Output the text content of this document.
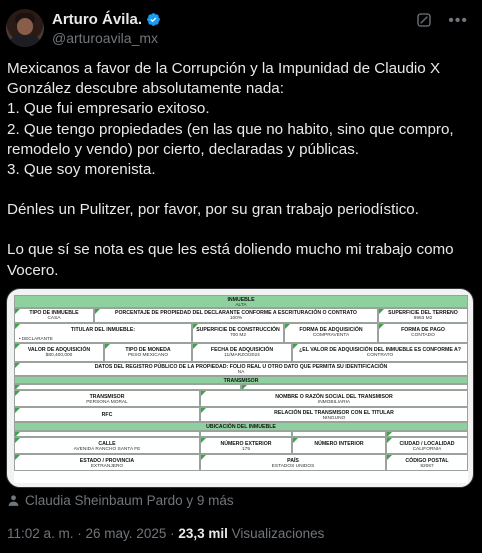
Arturo Ávila.
@arturoavila_mx
•••

Mexicanos a favor de la Corrupción y la Impunidad de Claudio X González descubre absolutamente nada:

1. Que fui empresario exitoso.

2. Que tengo propiedades (en las que no habito, sino que compro, remodelo y vendo) por cierto, declaradas y públicas.

3. Que soy morenista.

Dénles un Pulitzer, por favor, por su gran trabajo periodístico.

Lo que sí se nota es que les está doliendo mucho mi trabajo como Vocero.

INMUEBLE
ALTA
TIPO DE INMUEBLE
CASA
PORCENTAJE DE PROPIEDAD DEL DECLARANTE CONFORME A ESCRITURACIÓN O CONTRATO
100%
SUPERFICIE DEL TERRENO
8963 M2
TITULAR DEL INMUEBLE:
• DECLARANTE
SUPERFICIE DE CONSTRUCCIÓN
700 M2
FORMA DE ADQUISICIÓN
COMPRAVENTA
FORMA DE PAGO
CONTADO
VALOR DE ADQUISICIÓN
$80,400,000
TIPO DE MONEDA
PESO MEXICANO
FECHA DE ADQUISICIÓN
11/MARZO/2024
¿EL VALOR DE ADQUISICIÓN DEL INMUEBLE ES CONFORME A?
CONTRATO
DATOS DEL REGISTRO PÚBLICO DE LA PROPIEDAD: FOLIO REAL U OTRO DATO QUE PERMITA SU IDENTIFICACIÓN
NA
TRANSMISOR
TRANSMISOR
PERSONA MORAL
NOMBRE O RAZÓN SOCIAL DEL TRANSMISOR
INMOBILIARIA
RFC	RELACIÓN DEL TRANSMISOR CON EL TITULAR
NINGUNO
UBICACIÓN DEL INMUEBLE
CALLE
AVENIDA RANCHO SANTA FE
NÚMERO EXTERIOR
175
NÚMERO INTERIOR	CIUDAD / LOCALIDAD
CALIFORNIA
ESTADO / PROVINCIA
EXTRANJERO
PAÍS
ESTADOS UNIDOS
CÓDIGO POSTAL
92067
Claudia Sheinbaum Pardo y 9 más
11:02 a. m. · 26 may. 2025 · 23,3 mil Visualizaciones
